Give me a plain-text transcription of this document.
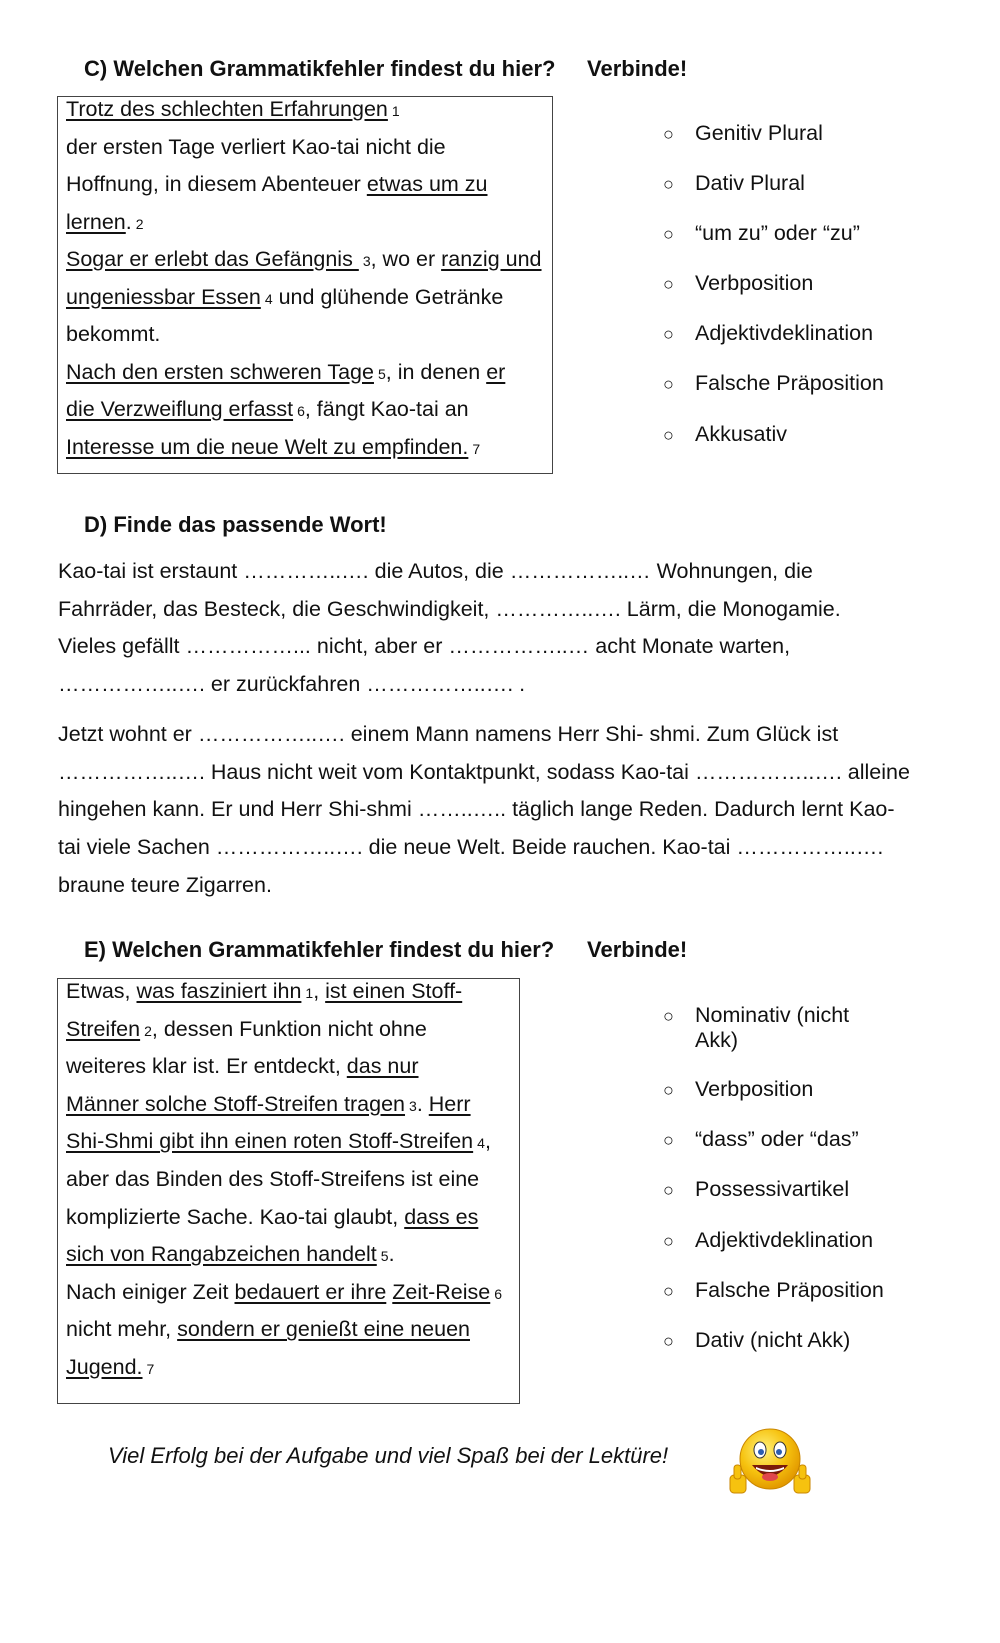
C) Welchen Grammatikfehler findest du hier? Verbinde!
Trotz des schlechten Erfahrungen 1
der ersten Tage verliert Kao-tai nicht die
Hoffnung, in diesem Abenteuer etwas um zu
lernen. 2
Sogar er erlebt das Gefängnis 3, wo er ranzig und
ungeniessbar Essen 4 und glühende Getränke
bekommt.
Nach den ersten schweren Tage 5, in denen er
die Verzweiflung erfasst 6, fängt Kao-tai an
Interesse um die neue Welt zu empfinden. 7
○ Genitiv Plural
○ Dativ Plural
○ “um zu” oder “zu”
○ Verbposition
○ Adjektivdeklination
○ Falsche Präposition
○ Akkusativ
D) Finde das passende Wort!
Kao-tai ist erstaunt …………..…. die Autos, die ……………..… Wohnungen, die
Fahrräder, das Besteck, die Geschwindigkeit, …………..…. Lärm, die Monogamie.
Vieles gefällt ……………... nicht, aber er ……………..… acht Monate warten,
……………..…. er zurückfahren ……………..…. .
Jetzt wohnt er ……………..…. einem Mann namens Herr Shi- shmi. Zum Glück ist
……………..…. Haus nicht weit vom Kontaktpunkt, sodass Kao-tai ……………..…. alleine
hingehen kann. Er und Herr Shi-shmi ……..….. täglich lange Reden. Dadurch lernt Kao-
tai viele Sachen ……………..…. die neue Welt. Beide rauchen. Kao-tai ……………..….
braune teure Zigarren.
E) Welchen Grammatikfehler findest du hier? Verbinde!
Etwas, was fasziniert ihn 1, ist einen Stoff-
Streifen 2, dessen Funktion nicht ohne
weiteres klar ist. Er entdeckt, das nur
Männer solche Stoff-Streifen tragen 3. Herr
Shi-Shmi gibt ihn einen roten Stoff-Streifen 4,
aber das Binden des Stoff-Streifens ist eine
komplizierte Sache. Kao-tai glaubt, dass es
sich von Rangabzeichen handelt 5.
Nach einiger Zeit bedauert er ihre Zeit-Reise 6
nicht mehr, sondern er genießt eine neuen
Jugend. 7
○ Nominativ (nicht
Akk)
○ Verbposition
○ “dass” oder “das”
○ Possessivartikel
○ Adjektivdeklination
○ Falsche Präposition
○ Dativ (nicht Akk)
Viel Erfolg bei der Aufgabe und viel Spaß bei der Lektüre!
